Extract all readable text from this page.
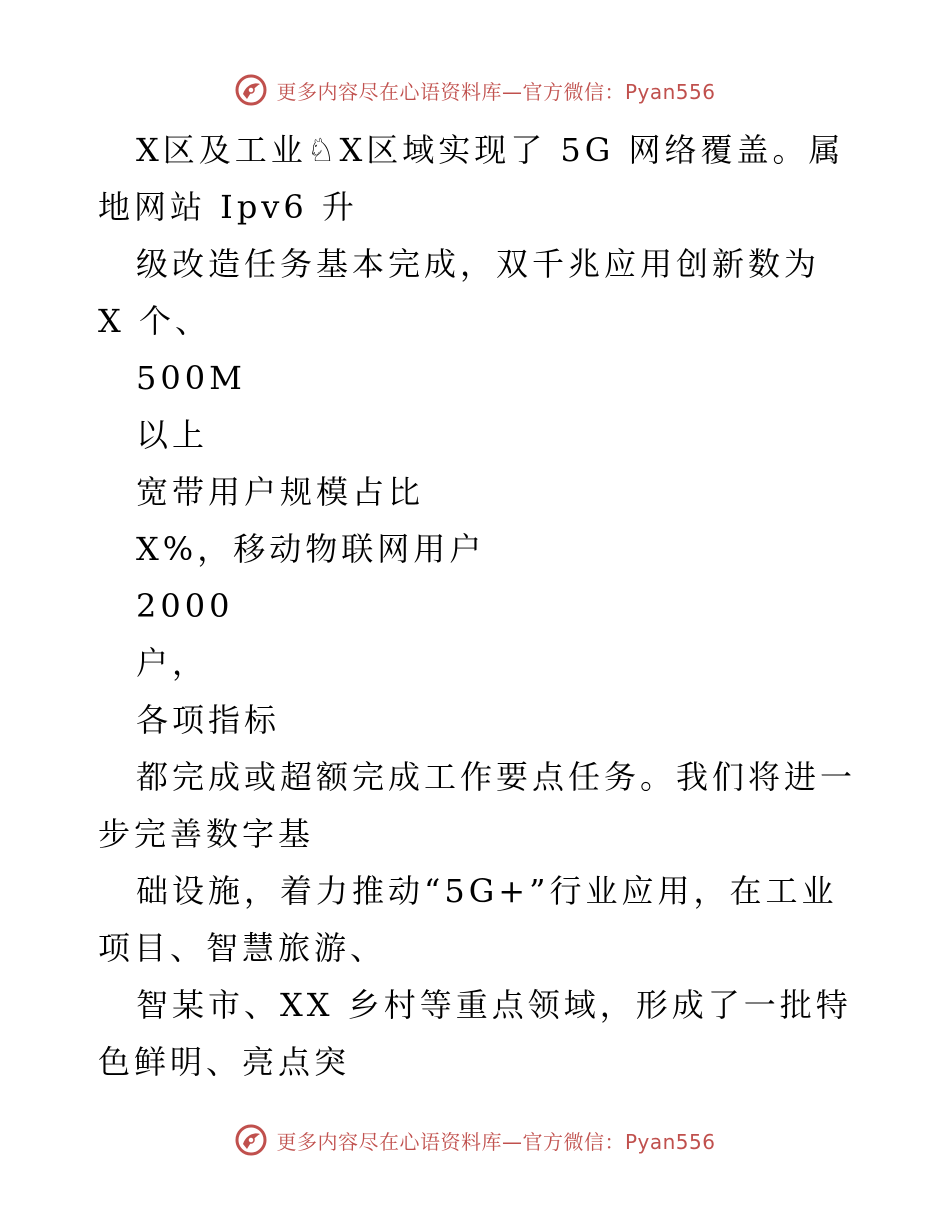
更多内容尽在心语资料库—官方微信：Pyan556

X区及工业♘X区域实现了 5G 网络覆盖。属地网站 Ipv6 升

级改造任务基本完成，双千兆应用创新数为 X 个、

500M

以上

宽带用户规模占比

X%，移动物联网用户

2000

户，

各项指标

都完成或超额完成工作要点任务。我们将进一步完善数字基

础设施，着力推动“5G+”行业应用，在工业项目、智慧旅游、

智某市、XX 乡村等重点领域，形成了一批特色鲜明、亮点突

更多内容尽在心语资料库—官方微信：Pyan556
